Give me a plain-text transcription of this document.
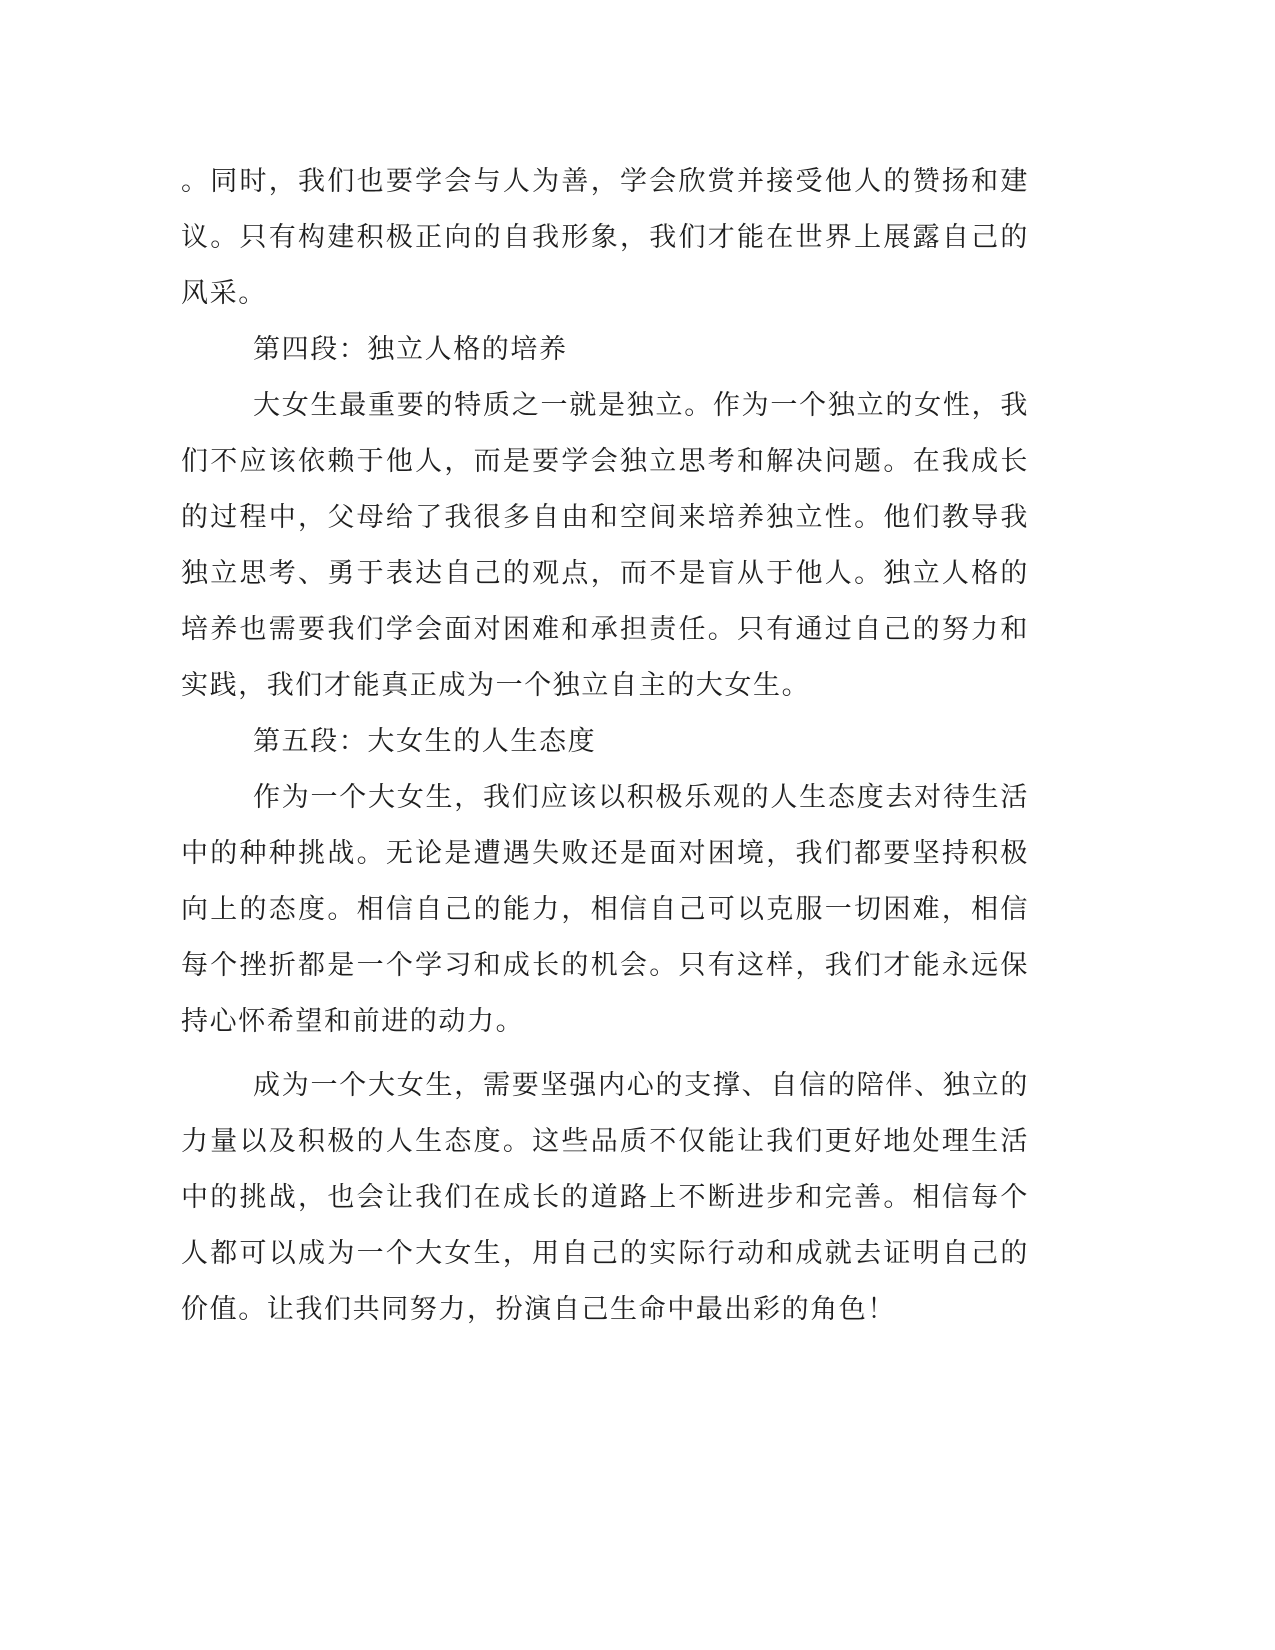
。同时，我们也要学会与人为善，学会欣赏并接受他人的赞扬和建议。只有构建积极正向的自我形象，我们才能在世界上展露自己的风采。

第四段：独立人格的培养

大女生最重要的特质之一就是独立。作为一个独立的女性，我们不应该依赖于他人，而是要学会独立思考和解决问题。在我成长的过程中，父母给了我很多自由和空间来培养独立性。他们教导我独立思考、勇于表达自己的观点，而不是盲从于他人。独立人格的培养也需要我们学会面对困难和承担责任。只有通过自己的努力和实践，我们才能真正成为一个独立自主的大女生。

第五段：大女生的人生态度

作为一个大女生，我们应该以积极乐观的人生态度去对待生活中的种种挑战。无论是遭遇失败还是面对困境，我们都要坚持积极向上的态度。相信自己的能力，相信自己可以克服一切困难，相信每个挫折都是一个学习和成长的机会。只有这样，我们才能永远保持心怀希望和前进的动力。

成为一个大女生，需要坚强内心的支撑、自信的陪伴、独立的力量以及积极的人生态度。这些品质不仅能让我们更好地处理生活中的挑战，也会让我们在成长的道路上不断进步和完善。相信每个人都可以成为一个大女生，用自己的实际行动和成就去证明自己的价值。让我们共同努力，扮演自己生命中最出彩的角色！
